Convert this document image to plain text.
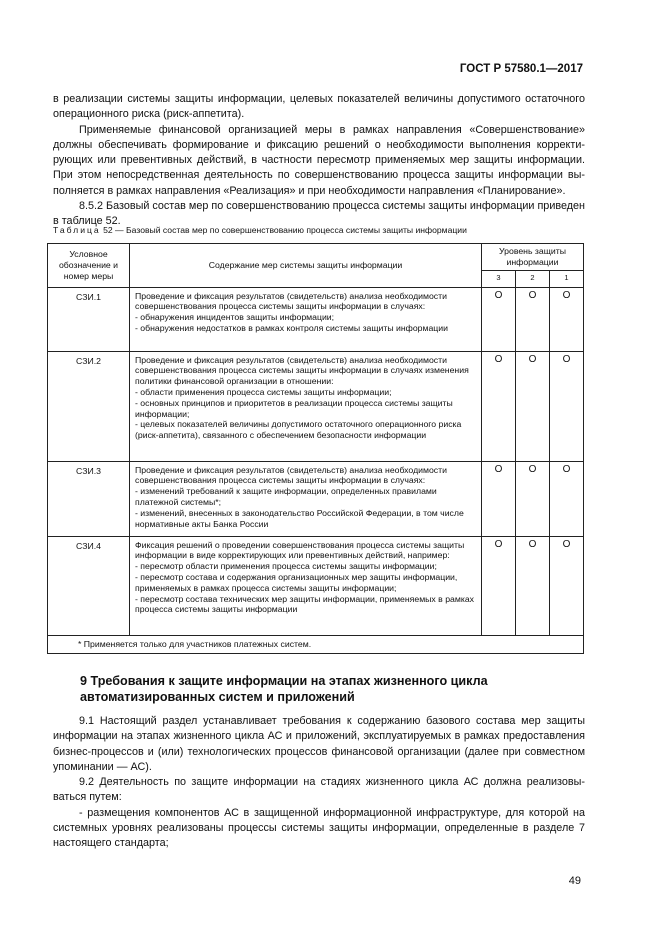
ГОСТ Р 57580.1—2017

в реализации системы защиты информации, целевых показателей величины допустимого остаточного операционного риска (риск-аппетита).

Применяемые финансовой организацией меры в рамках направления «Совершенствование» должны обеспечивать формирование и фиксацию решений о необходимости выполнения корректирующих или превентивных действий, в частности пересмотр применяемых мер защиты информации. При этом непосредственная деятельность по совершенствованию процесса защиты информации выполняется в рамках направления «Реализация» и при необходимости направления «Планирование».

8.5.2 Базовый состав мер по совершенствованию процесса системы защиты информации приведен в таблице 52.

Таблица 52 — Базовый состав мер по совершенствованию процесса системы защиты информации
Условное обозначение и номер меры	Содержание мер системы защиты информации	Уровень защиты информации		
		3	2	1
СЗИ.1	Проведение и фиксация результатов (свидетельств) анализа необходимости совершенствования процесса системы защиты информации в случаях:
- обнаружения инцидентов защиты информации;
- обнаружения недостатков в рамках контроля системы защиты информации	О	О	О
СЗИ.2	Проведение и фиксация результатов (свидетельств) анализа необходимости совершенствования процесса системы защиты информации в случаях изменения политики финансовой организации в отношении:
- области применения процесса системы защиты информации;
- основных принципов и приоритетов в реализации процесса системы защиты информации;
- целевых показателей величины допустимого остаточного операционного риска (риск-аппетита), связанного с обеспечением безопасности информации	О	О	О
СЗИ.3	Проведение и фиксация результатов (свидетельств) анализа необходимости совершенствования процесса системы защиты информации в случаях:
- изменений требований к защите информации, определенных правилами платежной системы*;
- изменений, внесенных в законодательство Российской Федерации, в том числе нормативные акты Банка России	О	О	О
СЗИ.4	Фиксация решений о проведении совершенствования процесса системы защиты информации в виде корректирующих или превентивных действий, например:
- пересмотр области применения процесса системы защиты информации;
- пересмотр состава и содержания организационных мер защиты информации, применяемых в рамках процесса системы защиты информации;
- пересмотр состава технических мер защиты информации, применяемых в рамках процесса системы защиты информации	О	О	О
* Применяется только для участников платежных систем.				
9 Требования к защите информации на этапах жизненного цикла автоматизированных систем и приложений

9.1 Настоящий раздел устанавливает требования к содержанию базового состава мер защиты информации на этапах жизненного цикла АС и приложений, эксплуатируемых в рамках предоставления бизнес-процессов и (или) технологических процессов финансовой организации (далее при совместном упоминании — АС).

9.2 Деятельность по защите информации на стадиях жизненного цикла АС должна реализовываться путем:

- размещения компонентов АС в защищенной информационной инфраструктуре, для которой на системных уровнях реализованы процессы системы защиты информации, определенные в разделе 7 настоящего стандарта;

49
